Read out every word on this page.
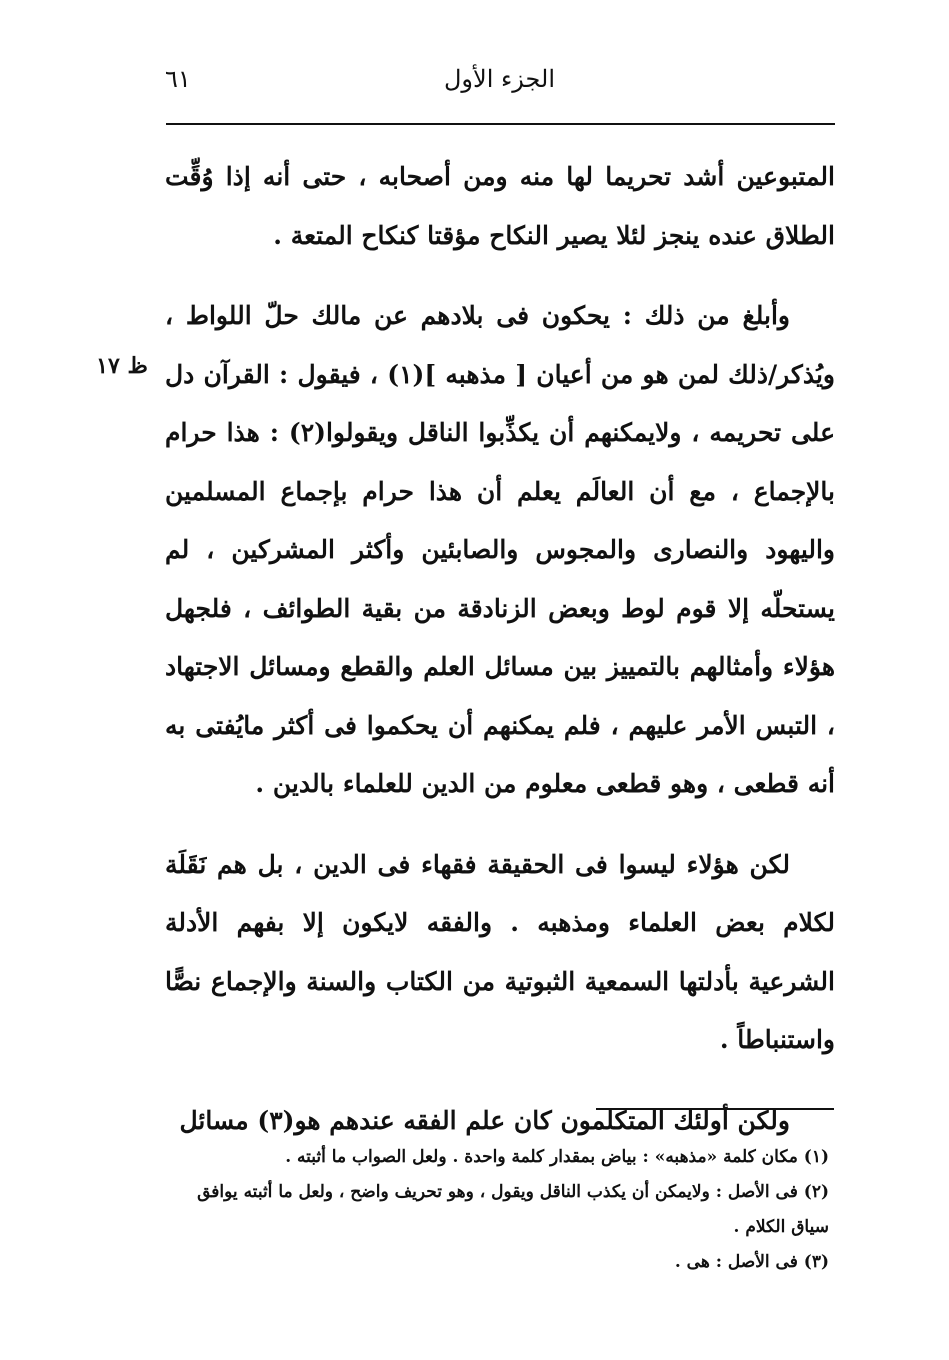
الجزء الأول
٦١
ظ ١٧

المتبوعين أشد تحريما لها منه ومن أصحابه ، حتى أنه إذا وُقِّت الطلاق عنده ينجز لئلا يصير النكاح مؤقتا كنكاح المتعة .

وأبلغ من ذلك : يحكون فى بلادهم عن مالك حلّ اللواط ، ويُذكر/ذلك لمن هو من أعيان [ مذهبه ](١) ، فيقول : القرآن دل على تحريمه ، ولايمكنهم أن يكذِّبوا الناقل ويقولوا(٢) : هذا حرام بالإجماع ، مع أن العالَم يعلم أن هذا حرام بإجماع المسلمين واليهود والنصارى والمجوس والصابئين وأكثر المشركين ، لم يستحلّه إلا قوم لوط وبعض الزنادقة من بقية الطوائف ، فلجهل هؤلاء وأمثالهم بالتمييز بين مسائل العلم والقطع ومسائل الاجتهاد ، التبس الأمر عليهم ، فلم يمكنهم أن يحكموا فى أكثر مايُفتى به أنه قطعى ، وهو قطعى معلوم من الدين للعلماء بالدين .

لكن هؤلاء ليسوا فى الحقيقة فقهاء فى الدين ، بل هم نَقَلَة لكلام بعض العلماء ومذهبه . والفقه لايكون إلا بفهم الأدلة الشرعية بأدلتها السمعية الثبوتية من الكتاب والسنة والإجماع نصًّا واستنباطاً .

ولكن أولئك المتكلمون كان علم الفقه عندهم هو(٣) مسائل

(١) مكان كلمة «مذهبه» : بياض بمقدار كلمة واحدة . ولعل الصواب ما أثبته .

(٢) فى الأصل : ولايمكن أن يكذب الناقل ويقول ، وهو تحريف واضح ، ولعل ما أثبته يوافق سياق الكلام .

(٣) فى الأصل : هى .
